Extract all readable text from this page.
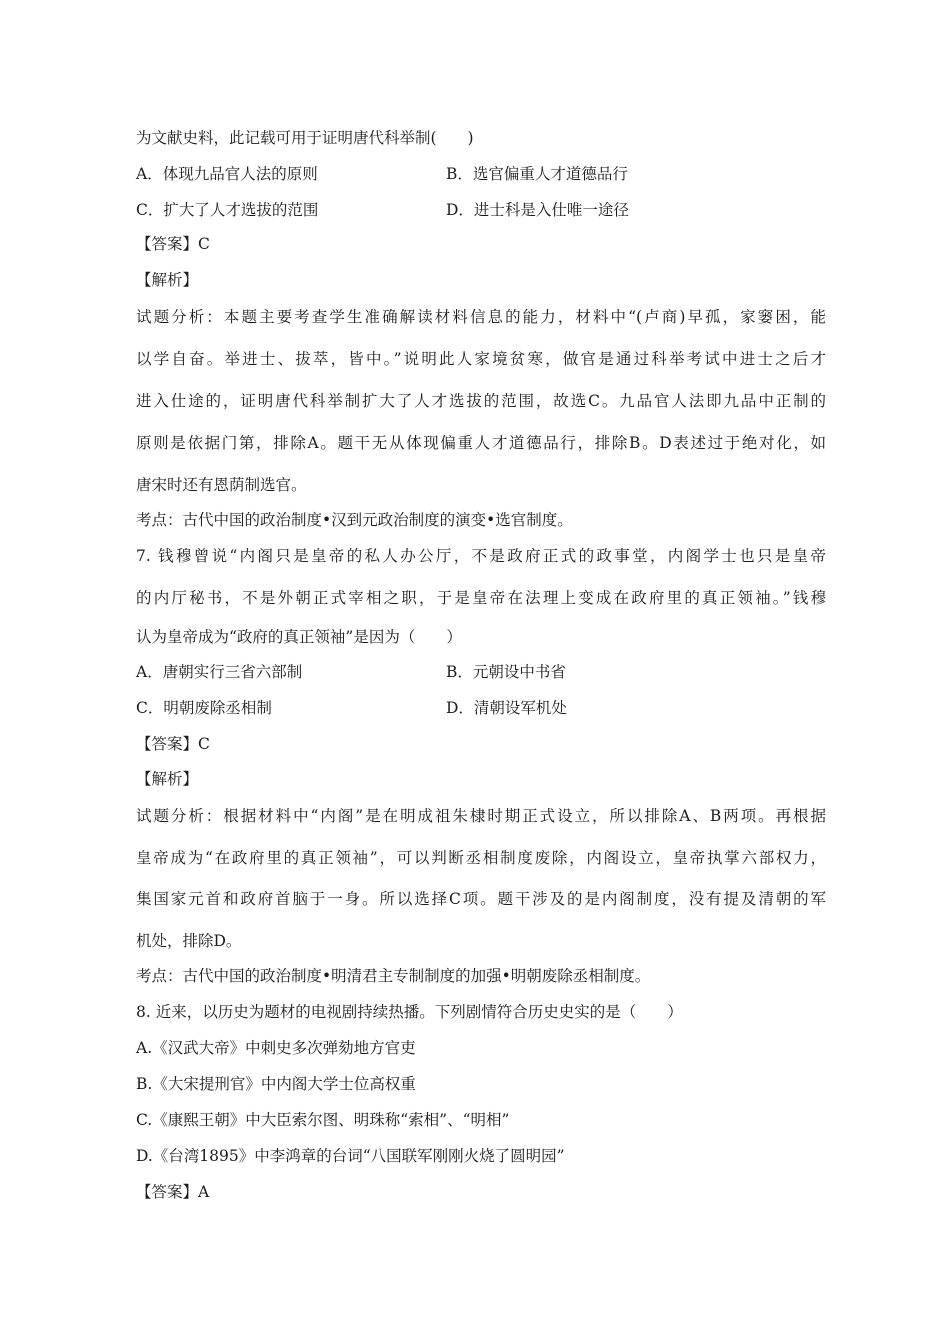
为文献史料，此记载可用于证明唐代科举制(　　)
A．体现九品官人法的原则	B．选官偏重人才道德品行
C．扩大了人才选拔的范围	D．进士科是入仕唯一途径
【答案】C
【解析】
试题分析：本题主要考查学生准确解读材料信息的能力，材料中“(卢商)早孤，家窭困，能
以学自奋。举进士、拔萃，皆中。”说明此人家境贫寒，做官是通过科举考试中进士之后才
进入仕途的，证明唐代科举制扩大了人才选拔的范围，故选C。九品官人法即九品中正制的
原则是依据门第，排除A。题干无从体现偏重人才道德品行，排除B。D表述过于绝对化，如
唐宋时还有恩荫制选官。
考点：古代中国的政治制度•汉到元政治制度的演变•选官制度。
7. 钱穆曾说“内阁只是皇帝的私人办公厅，不是政府正式的政事堂，内阁学士也只是皇帝
的内厅秘书，不是外朝正式宰相之职，于是皇帝在法理上变成在政府里的真正领袖。”钱穆
认为皇帝成为“政府的真正领袖”是因为（　　）
A．唐朝实行三省六部制	B．元朝设中书省
C．明朝废除丞相制	D．清朝设军机处
【答案】C
【解析】
试题分析：根据材料中“内阁”是在明成祖朱棣时期正式设立，所以排除A、B两项。再根据
皇帝成为“在政府里的真正领袖”，可以判断丞相制度废除，内阁设立，皇帝执掌六部权力，
集国家元首和政府首脑于一身。所以选择C项。题干涉及的是内阁制度，没有提及清朝的军
机处，排除D。
考点：古代中国的政治制度•明清君主专制制度的加强•明朝废除丞相制度。
8. 近来，以历史为题材的电视剧持续热播。下列剧情符合历史史实的是（　　）
A.《汉武大帝》中刺史多次弹劾地方官吏
B.《大宋提刑官》中内阁大学士位高权重
C.《康熙王朝》中大臣索尔图、明珠称“索相”、“明相”
D.《台湾1895》中李鸿章的台词“八国联军刚刚火烧了圆明园”
【答案】A
